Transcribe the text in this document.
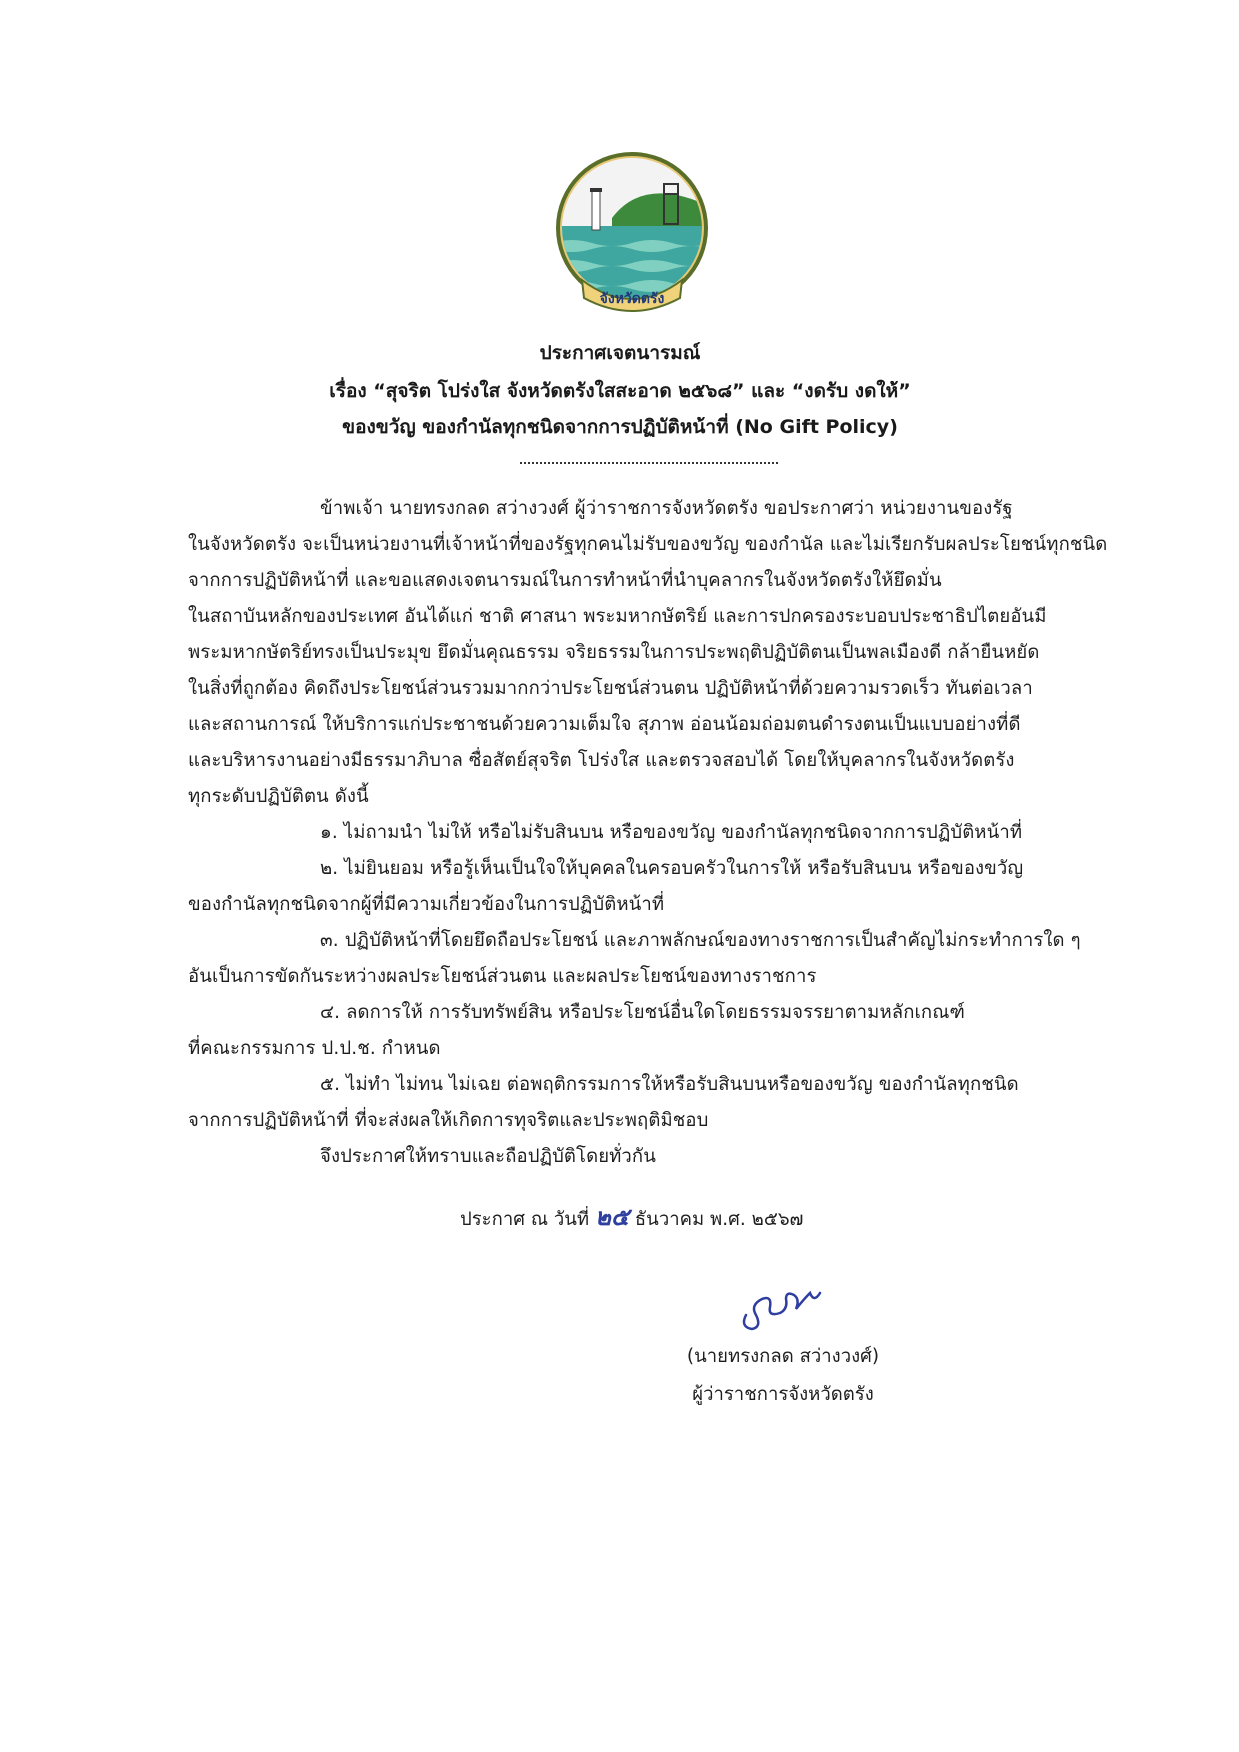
จังหวัดตรัง
ประกาศเจตนารมณ์
เรื่อง “สุจริต โปร่งใส จังหวัดตรังใสสะอาด ๒๕๖๘” และ “งดรับ งดให้”
ของขวัญ ของกำนัลทุกชนิดจากการปฏิบัติหน้าที่ (No Gift Policy)
ข้าพเจ้า นายทรงกลด สว่างวงศ์ ผู้ว่าราชการจังหวัดตรัง ขอประกาศว่า หน่วยงานของรัฐ
ในจังหวัดตรัง จะเป็นหน่วยงานที่เจ้าหน้าที่ของรัฐทุกคนไม่รับของขวัญ ของกำนัล และไม่เรียกรับผลประโยชน์ทุกชนิด
จากการปฏิบัติหน้าที่ และขอแสดงเจตนารมณ์ในการทำหน้าที่นำบุคลากรในจังหวัดตรังให้ยึดมั่น
ในสถาบันหลักของประเทศ อันได้แก่ ชาติ ศาสนา พระมหากษัตริย์ และการปกครองระบอบประชาธิปไตยอันมี
พระมหากษัตริย์ทรงเป็นประมุข ยึดมั่นคุณธรรม จริยธรรมในการประพฤติปฏิบัติตนเป็นพลเมืองดี กล้ายืนหยัด
ในสิ่งที่ถูกต้อง คิดถึงประโยชน์ส่วนรวมมากกว่าประโยชน์ส่วนตน ปฏิบัติหน้าที่ด้วยความรวดเร็ว ทันต่อเวลา
และสถานการณ์ ให้บริการแก่ประชาชนด้วยความเต็มใจ สุภาพ อ่อนน้อมถ่อมตนดำรงตนเป็นแบบอย่างที่ดี
และบริหารงานอย่างมีธรรมาภิบาล ซื่อสัตย์สุจริต โปร่งใส และตรวจสอบได้ โดยให้บุคลากรในจังหวัดตรัง
ทุกระดับปฏิบัติตน ดังนี้
๑. ไม่ถามนำ ไม่ให้ หรือไม่รับสินบน หรือของขวัญ ของกำนัลทุกชนิดจากการปฏิบัติหน้าที่
๒. ไม่ยินยอม หรือรู้เห็นเป็นใจให้บุคคลในครอบครัวในการให้ หรือรับสินบน หรือของขวัญ
ของกำนัลทุกชนิดจากผู้ที่มีความเกี่ยวข้องในการปฏิบัติหน้าที่
๓. ปฏิบัติหน้าที่โดยยึดถือประโยชน์ และภาพลักษณ์ของทางราชการเป็นสำคัญไม่กระทำการใด ๆ
อันเป็นการขัดกันระหว่างผลประโยชน์ส่วนตน และผลประโยชน์ของทางราชการ
๔. ลดการให้ การรับทรัพย์สิน หรือประโยชน์อื่นใดโดยธรรมจรรยาตามหลักเกณฑ์
ที่คณะกรรมการ ป.ป.ช. กำหนด
๕. ไม่ทำ ไม่ทน ไม่เฉย ต่อพฤติกรรมการให้หรือรับสินบนหรือของขวัญ ของกำนัลทุกชนิด
จากการปฏิบัติหน้าที่ ที่จะส่งผลให้เกิดการทุจริตและประพฤติมิชอบ
จึงประกาศให้ทราบและถือปฏิบัติโดยทั่วกัน
ประกาศ ณ วันที่ ๒๕ ธันวาคม พ.ศ. ๒๕๖๗
(นายทรงกลด สว่างวงศ์)
ผู้ว่าราชการจังหวัดตรัง
